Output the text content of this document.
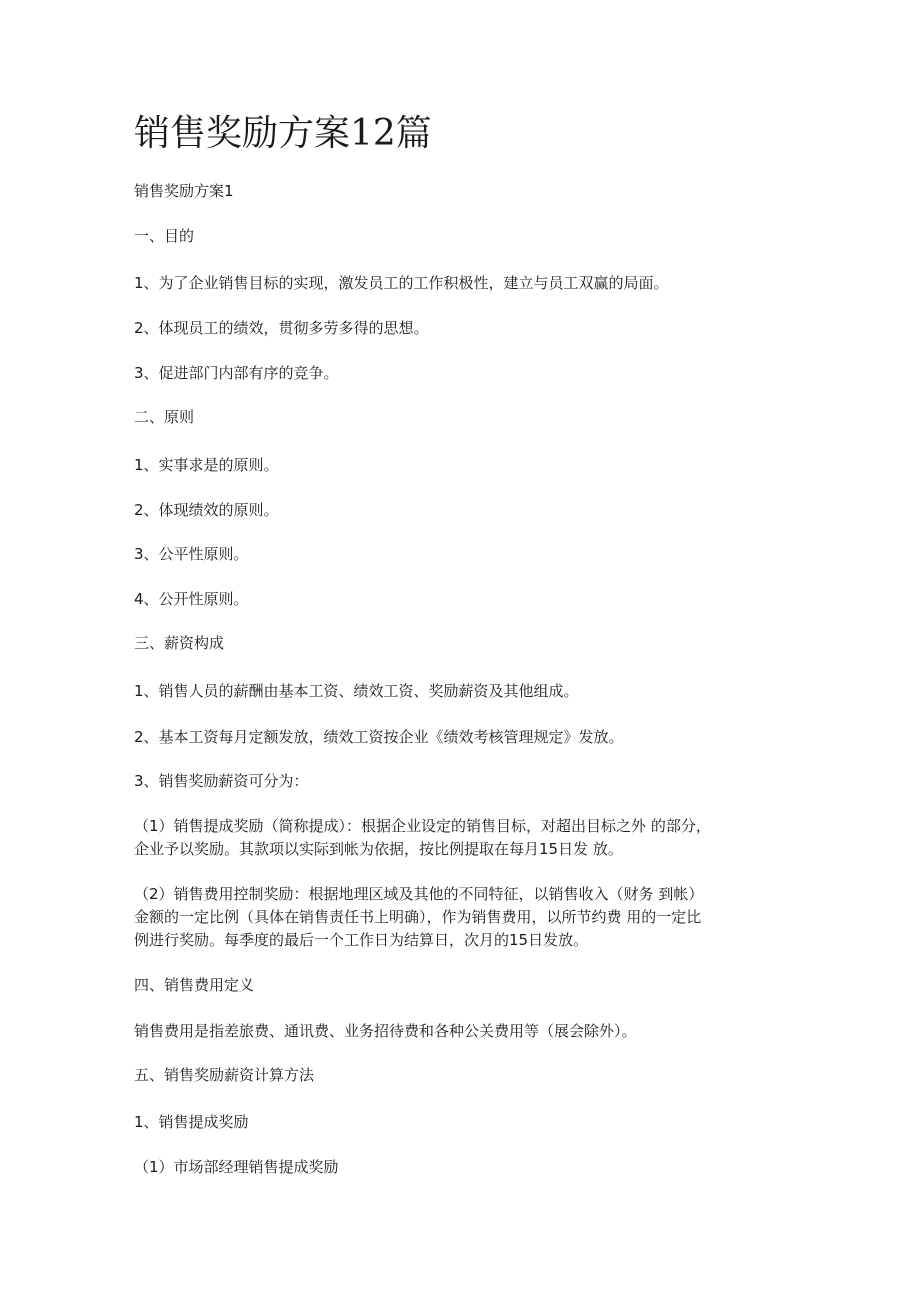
销售奖励方案12篇
销售奖励方案1
一、目的
1、为了企业销售目标的实现，激发员工的工作积极性，建立与员工双赢的局面。
2、体现员工的绩效，贯彻多劳多得的思想。
3、促进部门内部有序的竞争。
二、原则
1、实事求是的原则。
2、体现绩效的原则。
3、公平性原则。
4、公开性原则。
三、薪资构成
1、销售人员的薪酬由基本工资、绩效工资、奖励薪资及其他组成。
2、基本工资每月定额发放，绩效工资按企业《绩效考核管理规定》发放。
3、销售奖励薪资可分为：
（1）销售提成奖励（简称提成）：根据企业设定的销售目标，对超出目标之外 的部分，
企业予以奖励。其款项以实际到帐为依据，按比例提取在每月15日发 放。
（2）销售费用控制奖励：根据地理区域及其他的不同特征，以销售收入（财务 到帐）
金额的一定比例（具体在销售责任书上明确），作为销售费用，以所节约费 用的一定比
例进行奖励。每季度的最后一个工作日为结算日，次月的15日发放。
四、销售费用定义
销售费用是指差旅费、通讯费、业务招待费和各种公关费用等（展会除外）。
五、销售奖励薪资计算方法
1、销售提成奖励
（1）市场部经理销售提成奖励
